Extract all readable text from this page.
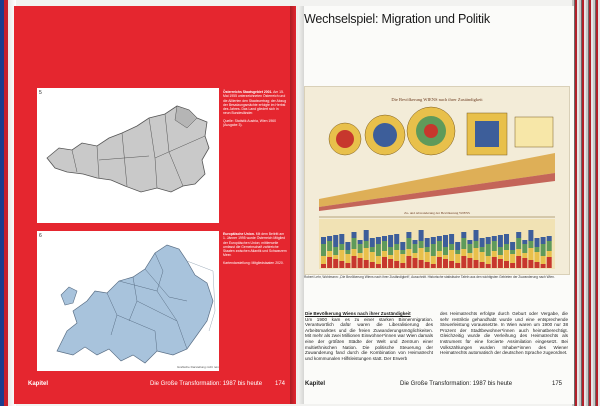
5
6
Grafische Darstellung nicht rein
Österreichs Staatsgebiet 2001. Am 15. Mai 1955 unterzeichneten Österreich und die Alliierten den Staatsvertrag; der Abzug der Besatzungsmächte erfolgte im Herbst des Jahres. Das Land gliedert sich in neun Bundesländer.
Quelle: Statistik Austria, Wien 1960 (Ausgabe 3).
Europäische Union. Mit dem Beitritt am 1. Jänner 1995 wurde Österreich Mitglied der Europäischen Union; mittlerweile umfasst die Gemeinschaft zahlreiche Staaten zwischen Atlantik und Schwarzem Meer.
Kartendarstellung: Mitgliedstaaten 2020.
Kapitel	Die Große Transformation: 1987 bis heute 174
Wechselspiel: Migration und Politik
Die Bevölkerung WIENS nach ihrer Zuständigkeit
Zu- und Abwanderung der Bevölkerung WIENS
Robert Lehr, Wohlmann: „Die Bevölkerung Wiens nach ihrer Zuständigkeit“, Ausschnitt. Historische statistische Tafeln aus den wichtigsten Gebieten der Zuwanderung nach Wien.
Die Bevölkerung Wiens nach ihrer Zuständigkeit
Um 1900 kam es zu einer starken Binnenmigration. Verantwortlich dafür waren die Liberalisierung des Arbeitsmarktes und die freien Zuwanderungsmöglichkeiten. Mit mehr als zwei Millionen Einwohner*innen war Wien damals eine der größten Städte der Welt und Zentrum einer multiethnischen Nation. Die politische Steuerung der Zuwanderung fand durch die Kombination von Heimatrecht und kommunalen Hilfsleistungen statt. Der Erwerb
des Heimatrechts erfolgte durch Geburt oder Vergabe, die sehr restriktiv gehandhabt wurde und eine entsprechende Steuerleistung voraussetzte. In Wien waren um 1900 nur 38 Prozent der Stadtbewohner*innen auch heimatberechtigt. Gleichzeitig wurde die Verleihung des Heimatrechts als Instrument für eine forcierte Assimilation eingesetzt. Bei Volkszählungen wurden Inhaber*innen des Wiener Heimatrechts automatisch der deutschen Sprache zugeordnet.
Kapitel	Die Große Transformation: 1987 bis heute	175
